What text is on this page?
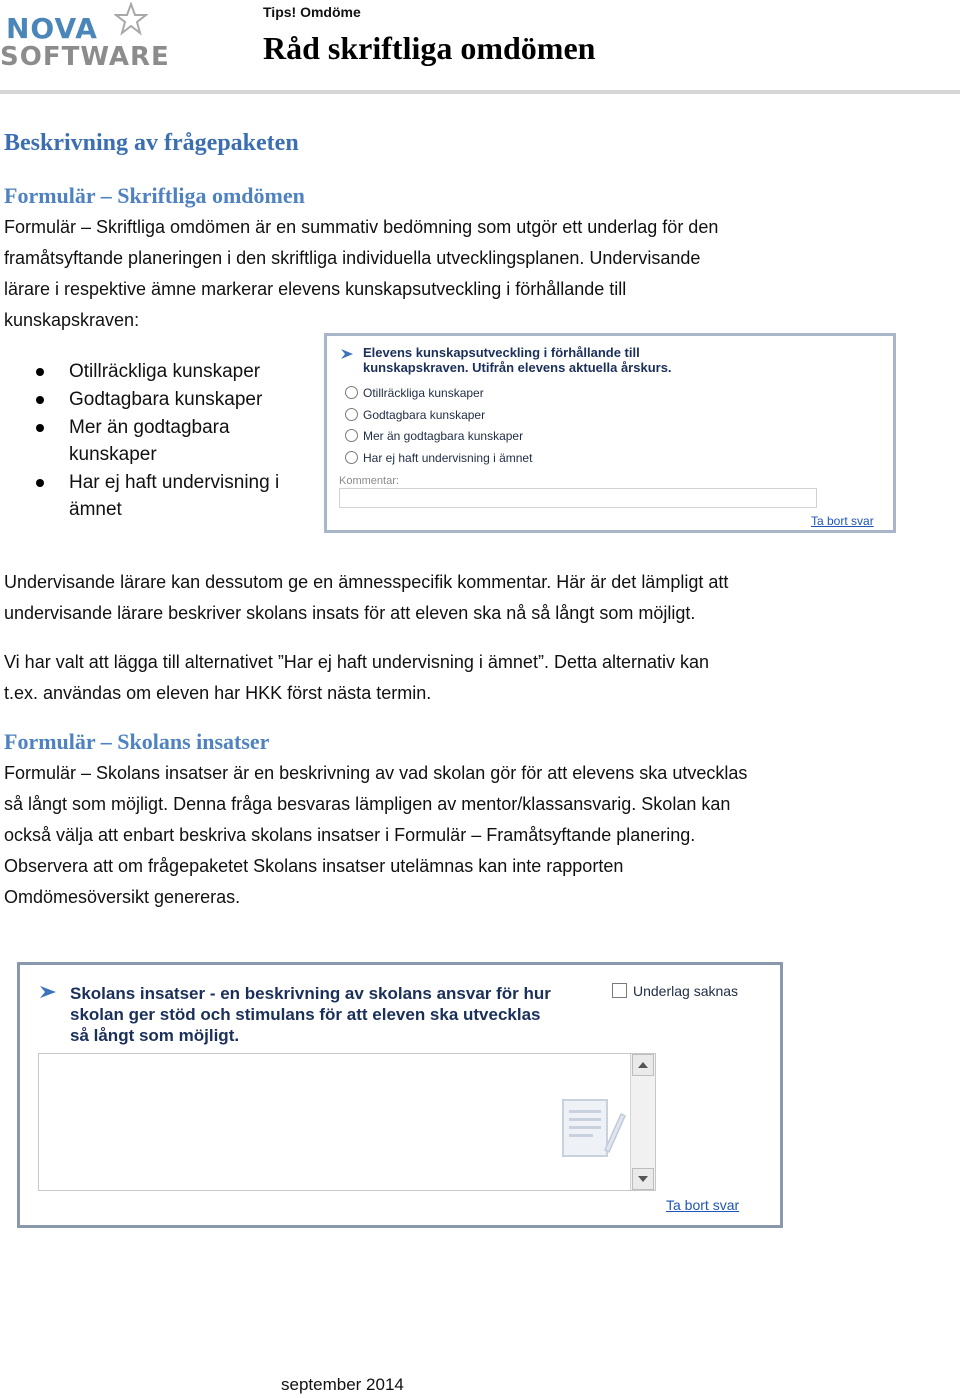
NOVA
SOFTWARE
Tips! Omdöme
Råd skriftliga omdömen
Beskrivning av frågepaketen
Formulär – Skriftliga omdömen
Formulär – Skriftliga omdömen är en summativ bedömning som utgör ett underlag för den
framåtsyftande planeringen i den skriftliga individuella utvecklingsplanen. Undervisande
lärare i respektive ämne markerar elevens kunskapsutveckling i förhållande till
kunskapskraven:
Otillräckliga kunskaper
Godtagbara kunskaper
Mer än godtagbara kunskaper
Har ej haft undervisning i ämnet
Elevens kunskapsutveckling i förhållande till
kunskapskraven. Utifrån elevens aktuella årskurs.
Otillräckliga kunskaper
Godtagbara kunskaper
Mer än godtagbara kunskaper
Har ej haft undervisning i ämnet
Kommentar:
Ta bort svar
Undervisande lärare kan dessutom ge en ämnesspecifik kommentar. Här är det lämpligt att
undervisande lärare beskriver skolans insats för att eleven ska nå så långt som möjligt.
Vi har valt att lägga till alternativet ”Har ej haft undervisning i ämnet”. Detta alternativ kan
t.ex. användas om eleven har HKK först nästa termin.
Formulär – Skolans insatser
Formulär – Skolans insatser är en beskrivning av vad skolan gör för att elevens ska utvecklas
så långt som möjligt. Denna fråga besvaras lämpligen av mentor/klassansvarig. Skolan kan
också välja att enbart beskriva skolans insatser i Formulär – Framåtsyftande planering.
Observera att om frågepaketet Skolans insatser utelämnas kan inte rapporten
Omdömesöversikt genereras.
Skolans insatser - en beskrivning av skolans ansvar för hur
skolan ger stöd och stimulans för att eleven ska utvecklas
så långt som möjligt.
Underlag saknas
Ta bort svar
september 2014
